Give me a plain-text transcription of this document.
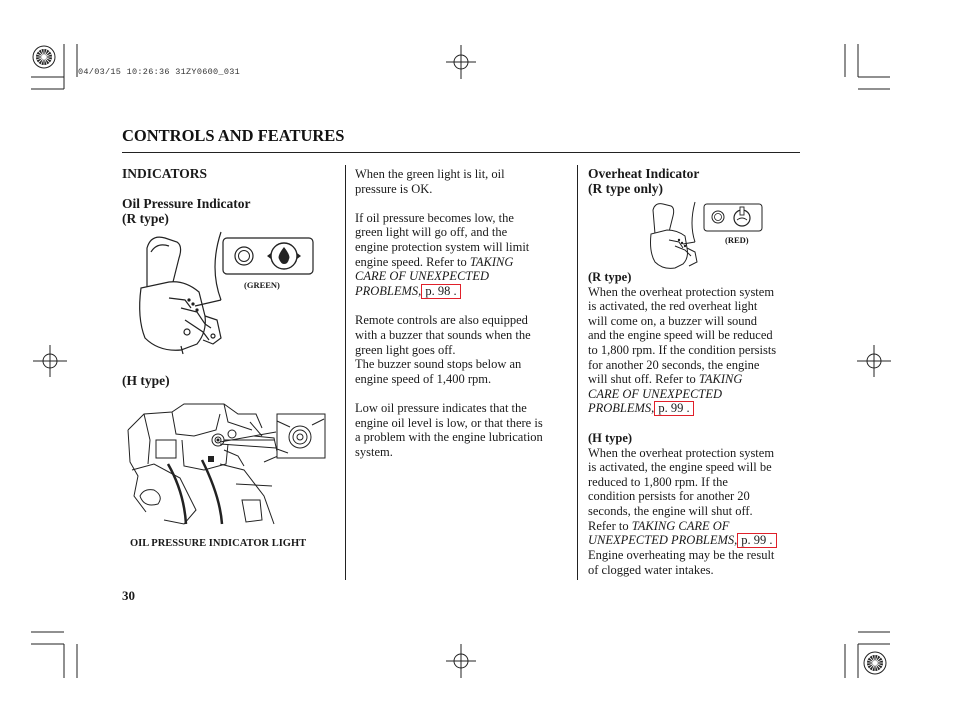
04/03/15 10:26:36 31ZY0600_031
CONTROLS AND FEATURES
INDICATORS
Oil Pressure Indicator
(R type)
(GREEN)
(H type)
OIL PRESSURE INDICATOR LIGHT
30

When the green light is lit, oil
pressure is OK.

If oil pressure becomes low, the
green light will go off, and the
engine protection system will limit
engine speed. Refer to TAKING
CARE OF UNEXPECTED
PROBLEMS, p. 98 .

Remote controls are also equipped
with a buzzer that sounds when the
green light goes off.
The buzzer sound stops below an
engine speed of 1,400 rpm.

Low oil pressure indicates that the
engine oil level is low, or that there is
a problem with the engine lubrication
system.

Overheat Indicator
(R type only)
(RED)

(R type)

When the overheat protection system
is activated, the red overheat light
will come on, a buzzer will sound
and the engine speed will be reduced
to 1,800 rpm. If the condition persists
for another 20 seconds, the engine
will shut off. Refer to TAKING
CARE OF UNEXPECTED
PROBLEMS, p. 99 .

(H type)

When the overheat protection system
is activated, the engine speed will be
reduced to 1,800 rpm. If the
condition persists for another 20
seconds, the engine will shut off.
Refer to TAKING CARE OF
UNEXPECTED PROBLEMS, p. 99 .
Engine overheating may be the result
of clogged water intakes.
